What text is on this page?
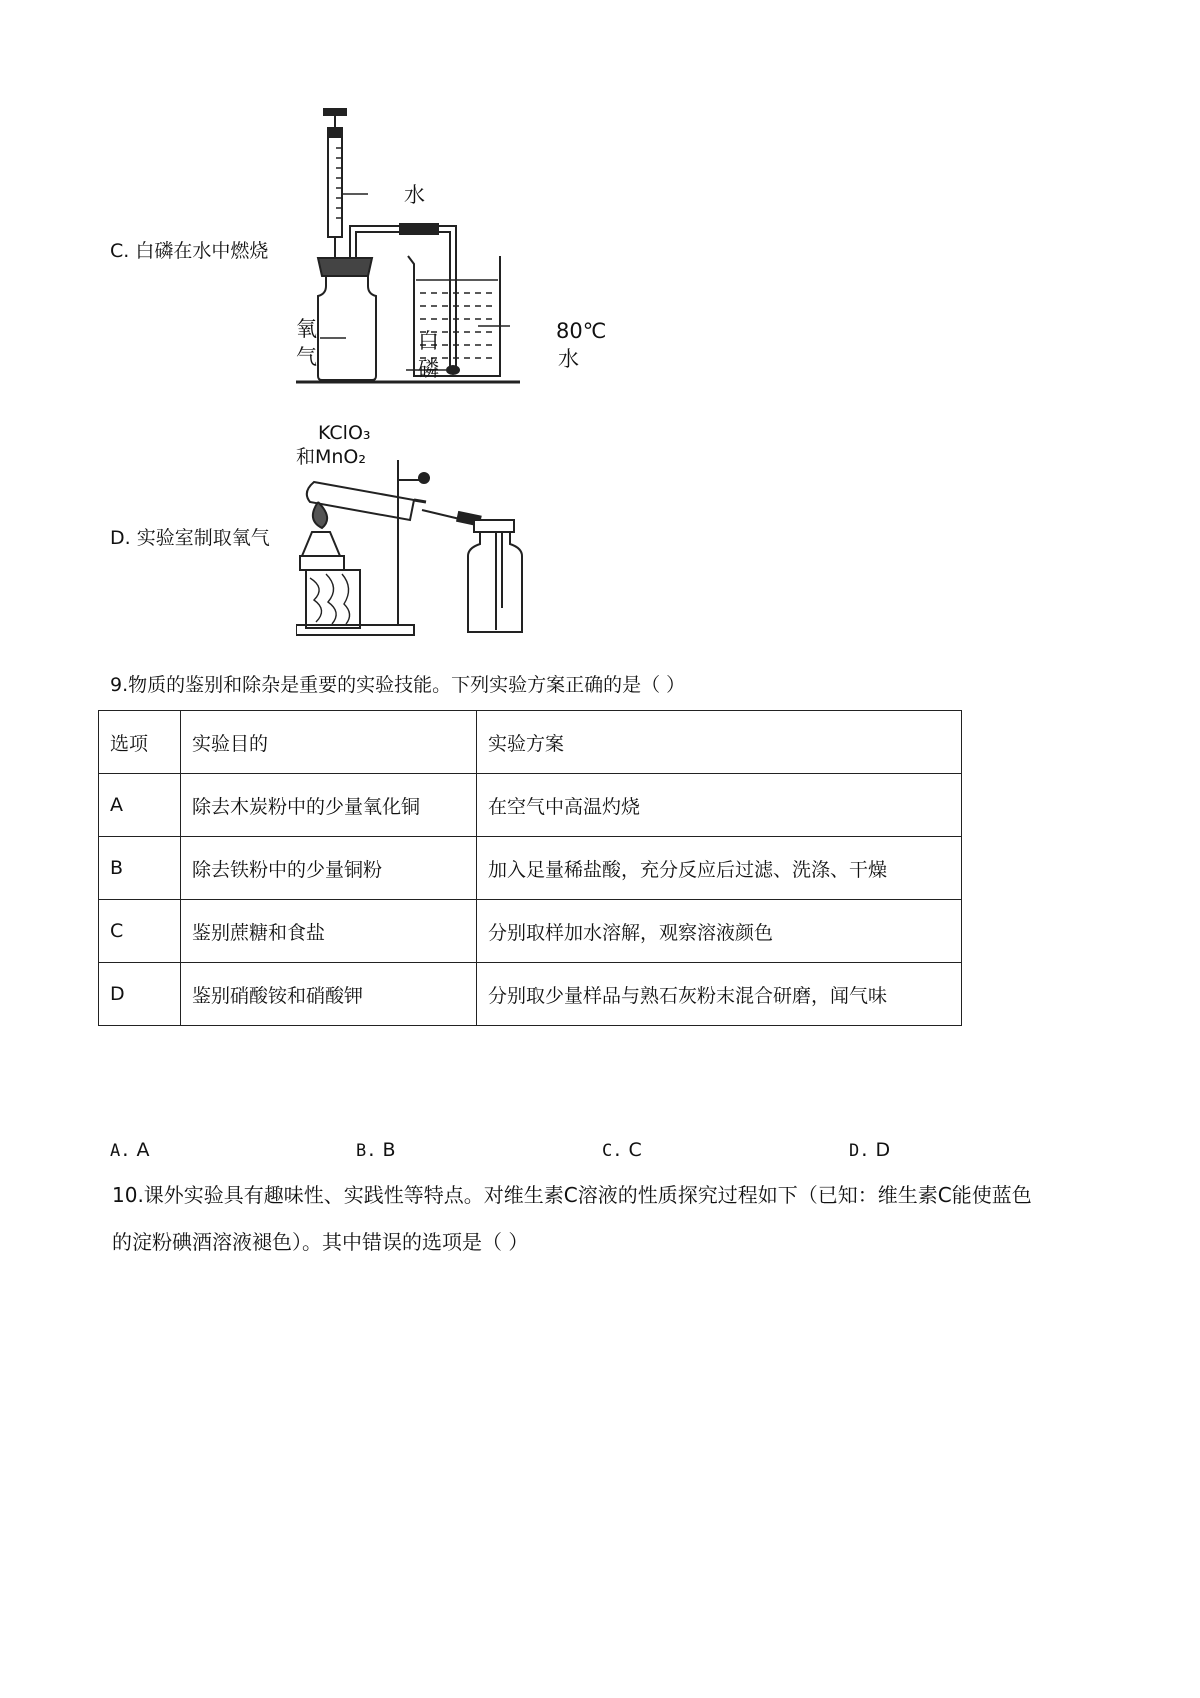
C. 白磷在水中燃烧
水
氧
气
白
磷
80℃
水
D. 实验室制取氧气
KClO₃
和MnO₂
9.物质的鉴别和除杂是重要的实验技能。下列实验方案正确的是（ ）
选项	实验目的	实验方案
A	除去木炭粉中的少量氧化铜	在空气中高温灼烧
B	除去铁粉中的少量铜粉	加入足量稀盐酸，充分反应后过滤、洗涤、干燥
C	鉴别蔗糖和食盐	分别取样加水溶解，观察溶液颜色
D	鉴别硝酸铵和硝酸钾	分别取少量样品与熟石灰粉末混合研磨，闻气味
A. A	B. B	C. C	D. D
10.课外实验具有趣味性、实践性等特点。对维生素C溶液的性质探究过程如下（已知：维生素C能使蓝色
的淀粉碘酒溶液褪色）。其中错误的选项是（ ）
